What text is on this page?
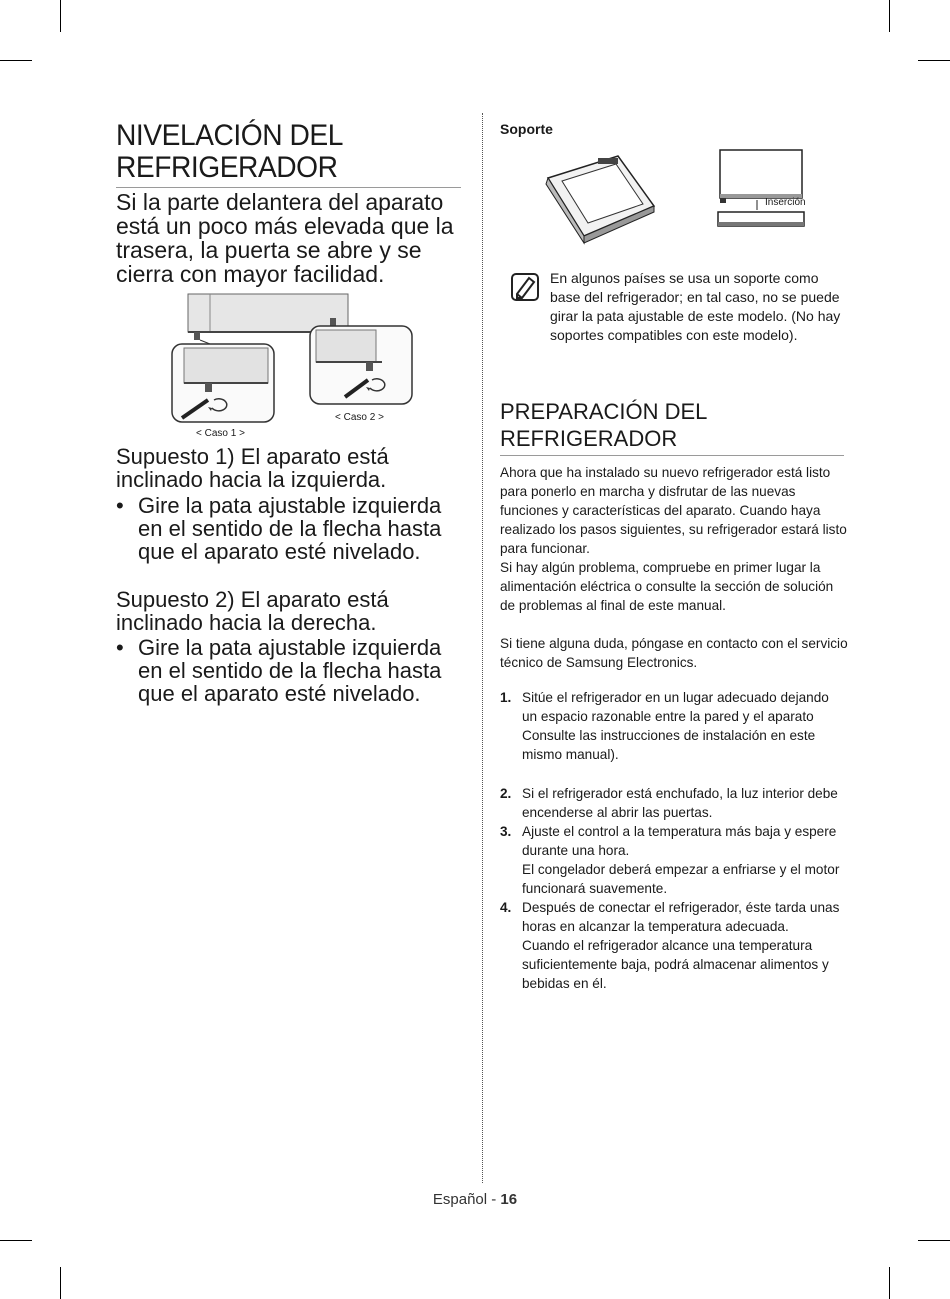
NIVELACIÓN DEL
REFRIGERADOR
Si la parte delantera del aparato está un poco más elevada que la trasera, la puerta se abre y se cierra con mayor facilidad.
< Caso 1 >
< Caso 2 >
Supuesto 1) El aparato está inclinado hacia la izquierda.
• Gire la pata ajustable izquierda en el sentido de la flecha hasta que el aparato esté nivelado.
Supuesto 2) El aparato está inclinado hacia la derecha.
• Gire la pata ajustable izquierda en el sentido de la flecha hasta que el aparato esté nivelado.
Soporte
Inserción
En algunos países se usa un soporte como base del refrigerador; en tal caso, no se puede girar la pata ajustable de este modelo. (No hay soportes compatibles con este modelo).
PREPARACIÓN DEL
REFRIGERADOR
Ahora que ha instalado su nuevo refrigerador está listo para ponerlo en marcha y disfrutar de las nuevas funciones y características del aparato. Cuando haya realizado los pasos siguientes, su refrigerador estará listo para funcionar.
Si hay algún problema, compruebe en primer lugar la alimentación eléctrica o consulte la sección de solución de problemas al final de este manual.
Si tiene alguna duda, póngase en contacto con el servicio técnico de Samsung Electronics.
1. Sitúe el refrigerador en un lugar adecuado dejando un espacio razonable entre la pared y el aparato
Consulte las instrucciones de instalación en este mismo manual).
2. Si el refrigerador está enchufado, la luz interior debe encenderse al abrir las puertas.
3. Ajuste el control a la temperatura más baja y espere durante una hora.
El congelador deberá empezar a enfriarse y el motor funcionará suavemente.
4. Después de conectar el refrigerador, éste tarda unas horas en alcanzar la temperatura adecuada.
Cuando el refrigerador alcance una temperatura suficientemente baja, podrá almacenar alimentos y bebidas en él.
Español - 16
